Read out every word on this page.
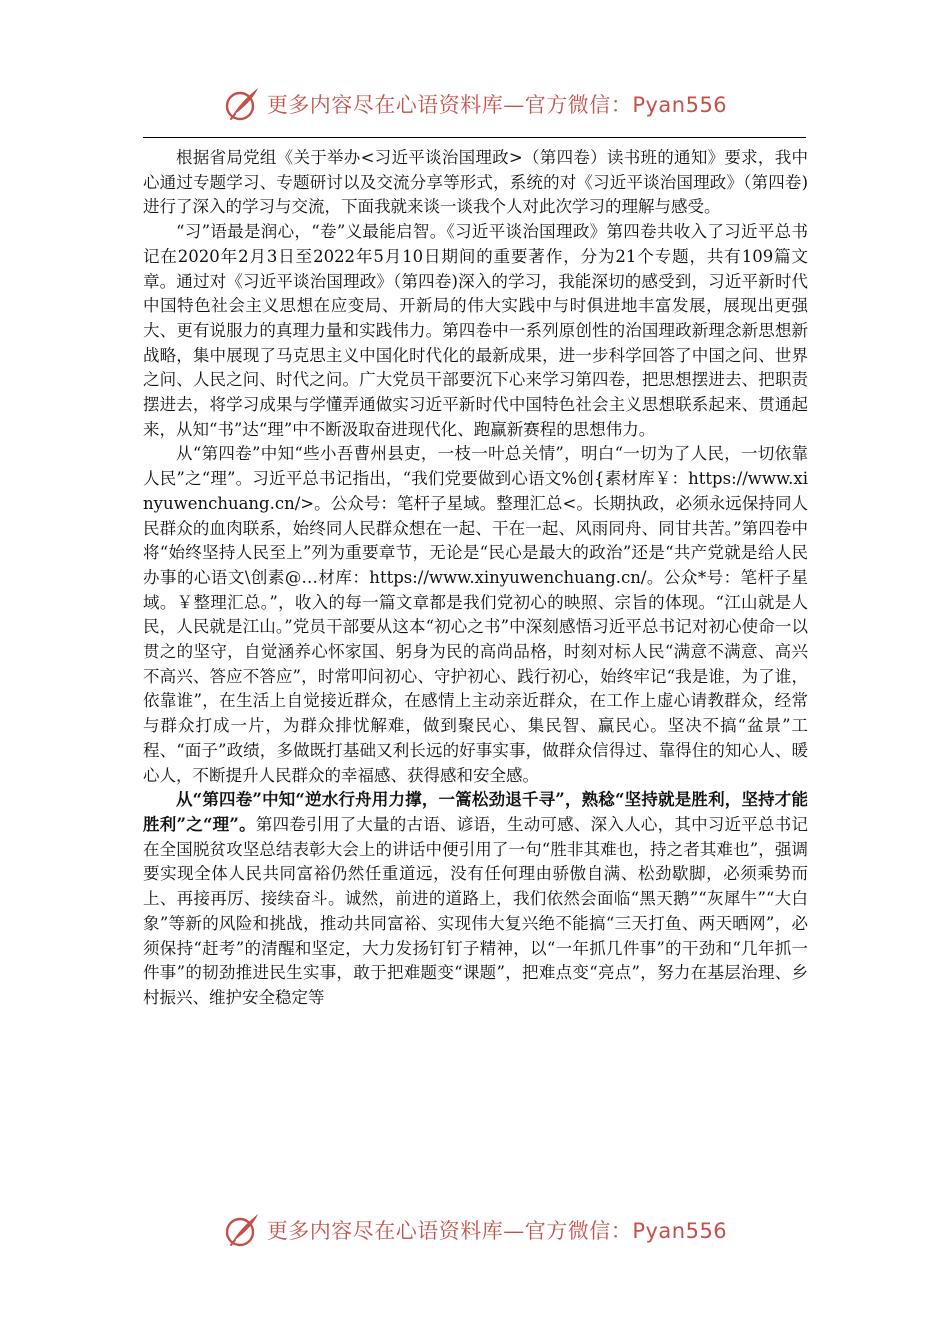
更多内容尽在心语资料库—官方微信：Pyan556

根据省局党组《关于举办<习近平谈治国理政>（第四卷）读书班的通知》要求，我中心通过专题学习、专题研讨以及交流分享等形式，系统的对《习近平谈治国理政》（第四卷)进行了深入的学习与交流，下面我就来谈一谈我个人对此次学习的理解与感受。

“习”语最是润心，“卷”义最能启智。《习近平谈治国理政》第四卷共收入了习近平总书记在2020年2月3日至2022年5月10日期间的重要著作，分为21个专题，共有109篇文章。通过对《习近平谈治国理政》（第四卷)深入的学习，我能深切的感受到，习近平新时代中国特色社会主义思想在应变局、开新局的伟大实践中与时俱进地丰富发展，展现出更强大、更有说服力的真理力量和实践伟力。第四卷中一系列原创性的治国理政新理念新思想新战略，集中展现了马克思主义中国化时代化的最新成果，进一步科学回答了中国之问、世界之问、人民之问、时代之问。广大党员干部要沉下心来学习第四卷，把思想摆进去、把职责摆进去，将学习成果与学懂弄通做实习近平新时代中国特色社会主义思想联系起来、贯通起来，从知“书”达“理”中不断汲取奋进现代化、跑赢新赛程的思想伟力。

从“第四卷”中知“些小吾曹州县吏，一枝一叶总关情”，明白“一切为了人民，一切依靠人民”之“理”。习近平总书记指出，“我们党要做到心语文%创{素材库￥：https://www.xinyuwenchuang.cn/>。公众号：笔杆子星域。整理汇总<。长期执政，必须永远保持同人民群众的血肉联系，始终同人民群众想在一起、干在一起、风雨同舟、同甘共苦。”第四卷中将“始终坚持人民至上”列为重要章节，无论是“民心是最大的政治”还是“共产党就是给人民办事的心语文\创素@…材库：https://www.xinyuwenchuang.cn/。公众*号：笔杆子星域。￥整理汇总。”，收入的每一篇文章都是我们党初心的映照、宗旨的体现。“江山就是人民，人民就是江山。”党员干部要从这本“初心之书”中深刻感悟习近平总书记对初心使命一以贯之的坚守，自觉涵养心怀家国、躬身为民的高尚品格，时刻对标人民“满意不满意、高兴不高兴、答应不答应”，时常叩问初心、守护初心、践行初心，始终牢记“我是谁，为了谁，依靠谁”，在生活上自觉接近群众，在感情上主动亲近群众，在工作上虚心请教群众，经常与群众打成一片，为群众排忧解难，做到聚民心、集民智、赢民心。坚决不搞“盆景”工程、“面子”政绩，多做既打基础又利长远的好事实事，做群众信得过、靠得住的知心人、暖心人，不断提升人民群众的幸福感、获得感和安全感。

从“第四卷”中知“逆水行舟用力撑，一篙松劲退千寻”，熟稔“坚持就是胜利，坚持才能胜利”之“理”。第四卷引用了大量的古语、谚语，生动可感、深入人心，其中习近平总书记在全国脱贫攻坚总结表彰大会上的讲话中便引用了一句“胜非其难也，持之者其难也”，强调要实现全体人民共同富裕仍然任重道远，没有任何理由骄傲自满、松劲歇脚，必须乘势而上、再接再厉、接续奋斗。诚然，前进的道路上，我们依然会面临“黑天鹅”“灰犀牛”“大白象”等新的风险和挑战，推动共同富裕、实现伟大复兴绝不能搞“三天打鱼、两天晒网”，必须保持“赶考”的清醒和坚定，大力发扬钉钉子精神，以“一年抓几件事”的干劲和“几年抓一件事”的韧劲推进民生实事，敢于把难题变“课题”，把难点变“亮点”，努力在基层治理、乡村振兴、维护安全稳定等

更多内容尽在心语资料库—官方微信：Pyan556
